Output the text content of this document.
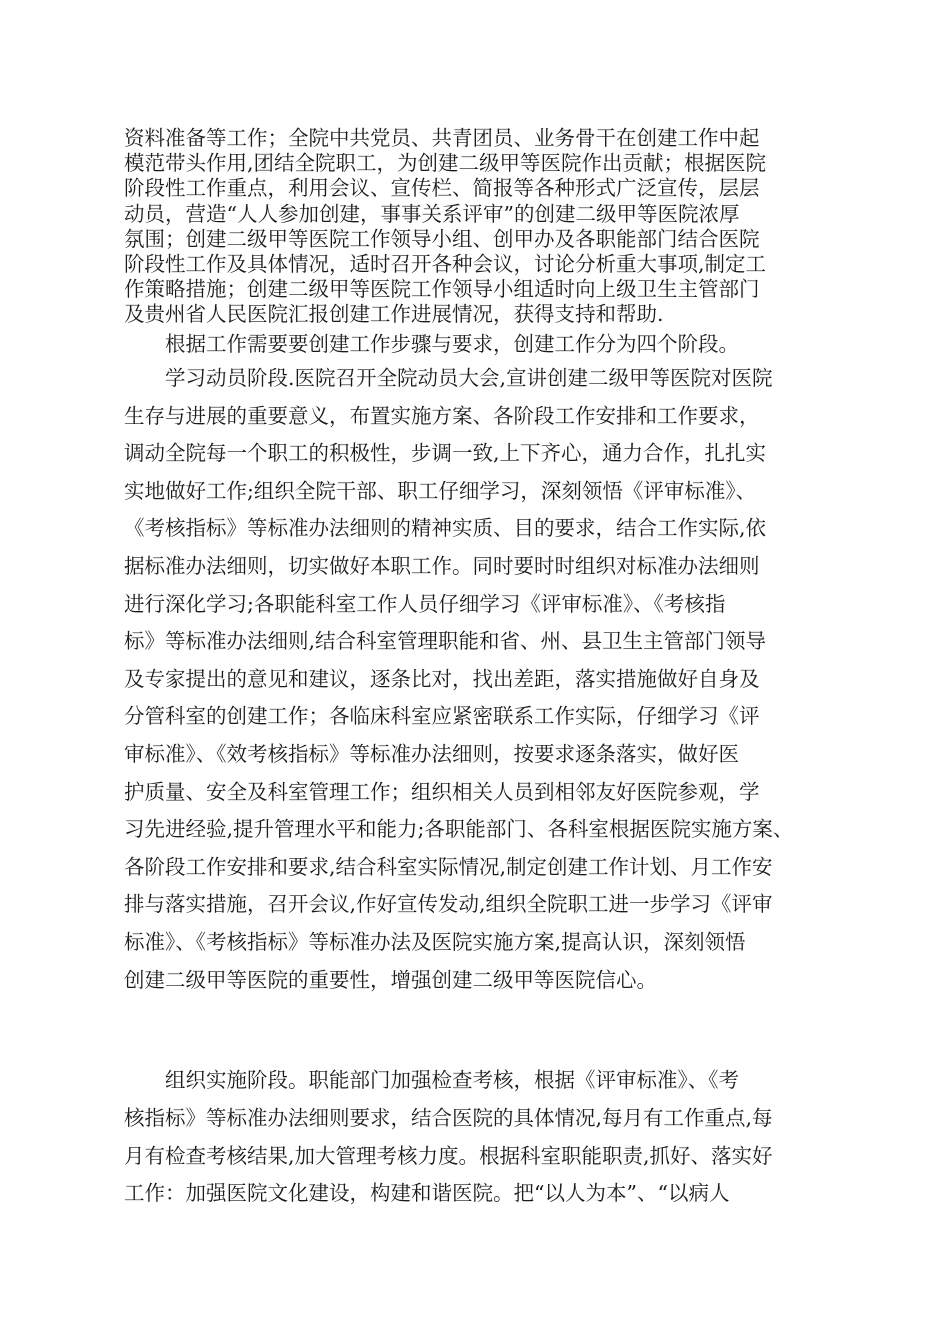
资料准备等工作；全院中共党员、共青团员、业务骨干在创建工作中起
模范带头作用,团结全院职工，为创建二级甲等医院作出贡献；根据医院
阶段性工作重点，利用会议、宣传栏、简报等各种形式广泛宣传，层层
动员，营造“人人参加创建，事事关系评审”的创建二级甲等医院浓厚
氛围；创建二级甲等医院工作领导小组、创甲办及各职能部门结合医院
阶段性工作及具体情况，适时召开各种会议，讨论分析重大事项,制定工
作策略措施；创建二级甲等医院工作领导小组适时向上级卫生主管部门
及贵州省人民医院汇报创建工作进展情况，获得支持和帮助.
　　根据工作需要要创建工作步骤与要求，创建工作分为四个阶段。
　　学习动员阶段.医院召开全院动员大会,宣讲创建二级甲等医院对医院
生存与进展的重要意义，布置实施方案、各阶段工作安排和工作要求，
调动全院每一个职工的积极性，步调一致,上下齐心，通力合作，扎扎实
实地做好工作;组织全院干部、职工仔细学习，深刻领悟《评审标准》、
《考核指标》等标准办法细则的精神实质、目的要求，结合工作实际,依
据标准办法细则，切实做好本职工作。同时要时时组织对标准办法细则
进行深化学习;各职能科室工作人员仔细学习《评审标准》、《考核指
标》等标准办法细则,结合科室管理职能和省、州、县卫生主管部门领导
及专家提出的意见和建议，逐条比对，找出差距，落实措施做好自身及
分管科室的创建工作；各临床科室应紧密联系工作实际，仔细学习《评
审标准》、《效考核指标》等标准办法细则，按要求逐条落实，做好医
护质量、安全及科室管理工作；组织相关人员到相邻友好医院参观，学
习先进经验,提升管理水平和能力;各职能部门、各科室根据医院实施方案、
各阶段工作安排和要求,结合科室实际情况,制定创建工作计划、月工作安
排与落实措施，召开会议,作好宣传发动,组织全院职工进一步学习《评审
标准》、《考核指标》等标准办法及医院实施方案,提高认识，深刻领悟
创建二级甲等医院的重要性，增强创建二级甲等医院信心。
　　组织实施阶段。职能部门加强检查考核，根据《评审标准》、《考
核指标》等标准办法细则要求，结合医院的具体情况,每月有工作重点,每
月有检查考核结果,加大管理考核力度。根据科室职能职责,抓好、落实好
工作：加强医院文化建设，构建和谐医院。把“以人为本”、“以病人
